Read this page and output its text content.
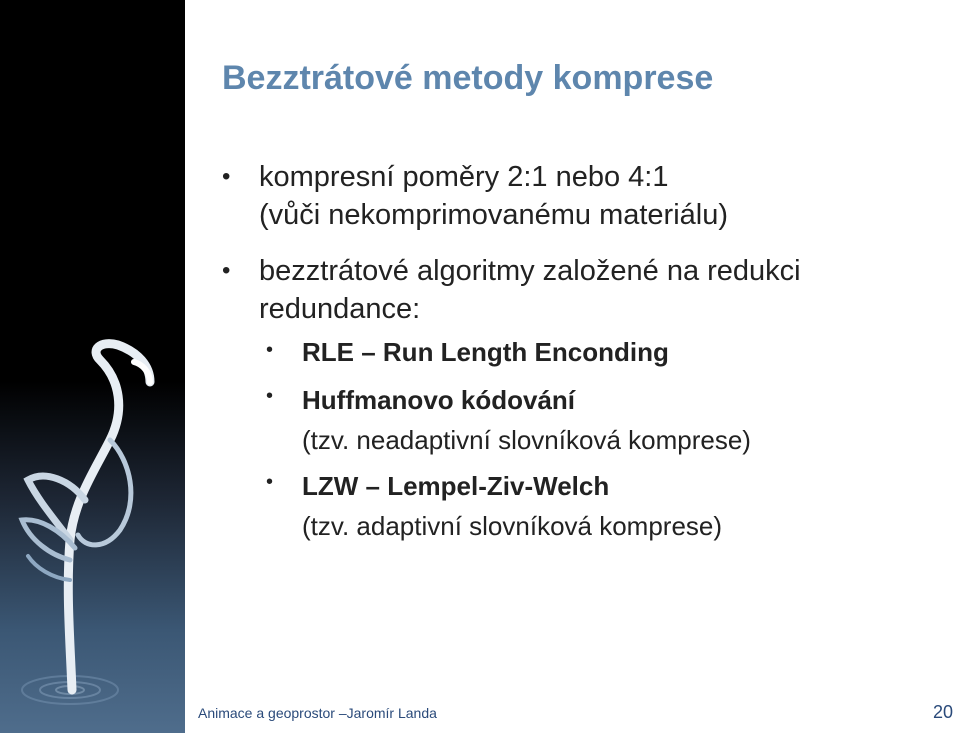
Bezztrátové metody komprese
• kompresní poměry 2:1 nebo 4:1
(vůči nekomprimovanému materiálu)
• bezztrátové algoritmy založené na redukci
redundance:
• RLE – Run Length Enconding
• Huffmanovo kódování
(tzv. neadaptivní slovníková komprese)
• LZW – Lempel-Ziv-Welch
(tzv. adaptivní slovníková komprese)
Animace a geoprostor –Jaromír Landa	20
